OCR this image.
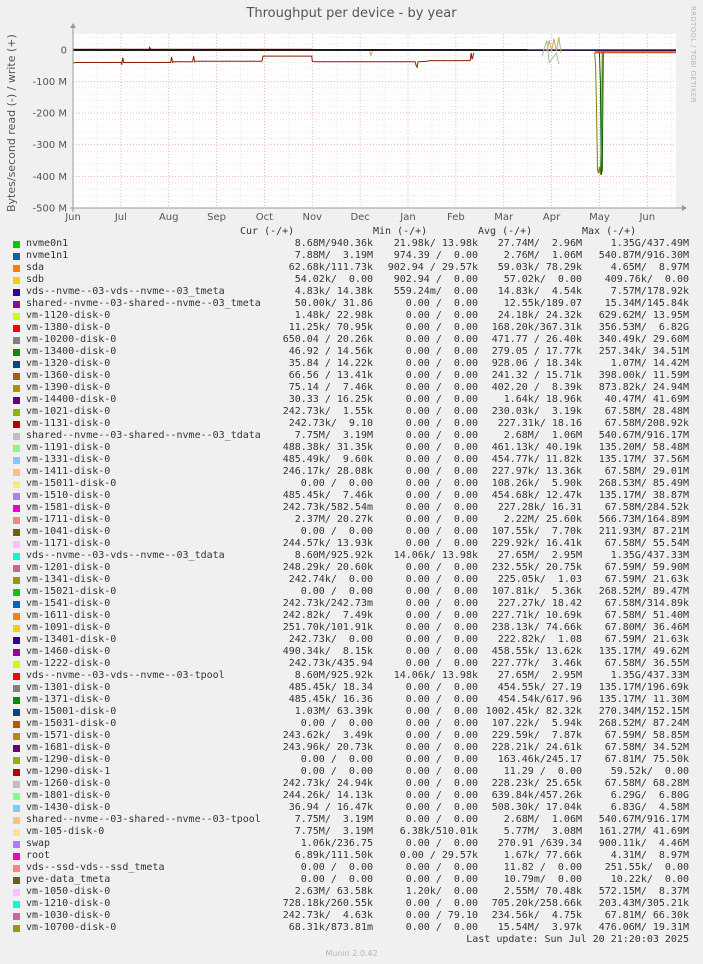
Throughput per device - by year	RRDTOOL / TOBI OETIKER
Bytes/second read (-) / write (+)	0
-100 M
-200 M
-300 M
-400 M
-500 M
Jun	Jul	Aug	Sep	Oct	Nov	Dec	Jan	Feb	Mar	Apr	May	Jun
Cur (-/+)	Min (-/+)	Avg (-/+)	Max (-/+)
nvme0n1	8.68M/940.36k	21.98k/ 13.98k	27.74M/  2.96M	1.35G/437.49M
nvme1n1	7.88M/  3.19M	974.39 /  0.00	2.76M/  1.06M	540.87M/916.30M
sda	62.68k/111.73k	902.94 / 29.57k	59.03k/ 78.29k	4.65M/  8.97M
sdb	54.02k/  0.00	902.94 /  0.00	57.02k/  0.00	409.76k/  0.00
vds--nvme--03-vds--nvme--03_tmeta	4.83k/ 14.38k	559.24m/  0.00	14.83k/  4.54k	7.57M/178.92k
shared--nvme--03-shared--nvme--03_tmeta	50.00k/ 31.86	0.00 /  0.00	12.55k/189.07	15.34M/145.84k
vm-1120-disk-0	1.48k/ 22.98k	0.00 /  0.00	24.18k/ 24.32k	629.62M/ 13.95M
vm-1380-disk-0	11.25k/ 70.95k	0.00 /  0.00	168.20k/367.31k	356.53M/  6.82G
vm-10200-disk-0	650.04 / 20.26k	0.00 /  0.00	471.77 / 26.40k	340.49k/ 29.60M
vm-13400-disk-0	46.92 / 14.56k	0.00 /  0.00	279.05 / 17.77k	257.34k/ 34.51M
vm-1320-disk-0	35.84 / 14.22k	0.00 /  0.00	928.06 / 18.34k	1.07M/ 14.42M
vm-1360-disk-0	66.56 / 13.41k	0.00 /  0.00	241.32 / 15.71k	398.00k/ 11.59M
vm-1390-disk-0	75.14 /  7.46k	0.00 /  0.00	402.20 /  8.39k	873.82k/ 24.94M
vm-14400-disk-0	30.33 / 16.25k	0.00 /  0.00	1.64k/ 18.96k	40.47M/ 41.69M
vm-1021-disk-0	242.73k/  1.55k	0.00 /  0.00	230.03k/  3.19k	67.58M/ 28.48M
vm-1131-disk-0	242.73k/  9.10	0.00 /  0.00	227.31k/ 18.16	67.58M/208.92k
shared--nvme--03-shared--nvme--03_tdata	7.75M/  3.19M	0.00 /  0.00	2.68M/  1.06M	540.67M/916.17M
vm-1191-disk-0	488.38k/ 31.35k	0.00 /  0.00	461.13k/ 40.19k	135.20M/ 58.48M
vm-1331-disk-0	485.49k/  9.60k	0.00 /  0.00	454.77k/ 11.82k	135.17M/ 37.56M
vm-1411-disk-0	246.17k/ 28.08k	0.00 /  0.00	227.97k/ 13.36k	67.58M/ 29.01M
vm-15011-disk-0	0.00 /  0.00	0.00 /  0.00	108.26k/  5.90k	268.53M/ 85.49M
vm-1510-disk-0	485.45k/  7.46k	0.00 /  0.00	454.68k/ 12.47k	135.17M/ 38.87M
vm-1581-disk-0	242.73k/582.54m	0.00 /  0.00	227.28k/ 16.31	67.58M/284.52k
vm-1711-disk-0	2.37M/ 20.27k	0.00 /  0.00	2.22M/ 25.60k	566.73M/164.89M
vm-1041-disk-0	0.00 /  0.00	0.00 /  0.00	107.55k/  7.70k	211.93M/ 87.21M
vm-1171-disk-0	244.57k/ 13.93k	0.00 /  0.00	229.92k/ 16.41k	67.58M/ 55.54M
vds--nvme--03-vds--nvme--03_tdata	8.60M/925.92k	14.06k/ 13.98k	27.65M/  2.95M	1.35G/437.33M
vm-1201-disk-0	248.29k/ 20.60k	0.00 /  0.00	232.55k/ 20.75k	67.59M/ 59.90M
vm-1341-disk-0	242.74k/  0.00	0.00 /  0.00	225.05k/  1.03	67.59M/ 21.63k
vm-15021-disk-0	0.00 /  0.00	0.00 /  0.00	107.81k/  5.36k	268.52M/ 89.47M
vm-1541-disk-0	242.73k/242.73m	0.00 /  0.00	227.27k/ 18.42	67.58M/314.89k
vm-1611-disk-0	242.82k/  7.49k	0.00 /  0.00	227.71k/ 10.69k	67.58M/ 51.40M
vm-1091-disk-0	251.70k/101.91k	0.00 /  0.00	238.13k/ 74.66k	67.80M/ 36.46M
vm-13401-disk-0	242.73k/  0.00	0.00 /  0.00	222.82k/  1.08	67.59M/ 21.63k
vm-1460-disk-0	490.34k/  8.15k	0.00 /  0.00	458.55k/ 13.62k	135.17M/ 49.62M
vm-1222-disk-0	242.73k/435.94	0.00 /  0.00	227.77k/  3.46k	67.58M/ 36.55M
vds--nvme--03-vds--nvme--03-tpool	8.60M/925.92k	14.06k/ 13.98k	27.65M/  2.95M	1.35G/437.33M
vm-1301-disk-0	485.45k/ 18.34	0.00 /  0.00	454.55k/ 27.19	135.17M/196.69k
vm-1371-disk-0	485.45k/ 16.36	0.00 /  0.00	454.54k/617.96	135.17M/ 11.30M
vm-15001-disk-0	1.03M/ 63.39k	0.00 /  0.00 1002.45k/ 82.32k	270.34M/152.15M
vm-15031-disk-0	0.00 /  0.00	0.00 /  0.00	107.22k/  5.94k	268.52M/ 87.24M
vm-1571-disk-0	243.62k/  3.49k	0.00 /  0.00	229.59k/  7.87k	67.59M/ 58.85M
vm-1681-disk-0	243.96k/ 20.73k	0.00 /  0.00	228.21k/ 24.61k	67.58M/ 34.52M
vm-1290-disk-0	0.00 /  0.00	0.00 /  0.00	163.46k/245.17	67.81M/ 75.50k
vm-1290-disk-1	0.00 /  0.00	0.00 /  0.00	11.29 /  0.00	59.52k/  0.00
vm-1260-disk-0	242.73k/ 24.94k	0.00 /  0.00	228.23k/ 25.65k	67.58M/ 68.28M
vm-1801-disk-0	244.26k/ 14.13k	0.00 /  0.00	639.84k/457.26k	6.29G/  6.80G
vm-1430-disk-0	36.94 / 16.47k	0.00 /  0.00	508.30k/ 17.04k	6.83G/  4.58M
shared--nvme--03-shared--nvme--03-tpool	7.75M/  3.19M	0.00 /  0.00	2.68M/  1.06M	540.67M/916.17M
vm-105-disk-0	7.75M/  3.19M	6.38k/510.01k	5.77M/  3.08M	161.27M/ 41.69M
swap	1.06k/236.75	0.00 /  0.00	270.91 /639.34	900.11k/  4.46M
root	6.89k/111.50k	0.00 / 29.57k	1.67k/ 77.66k	4.31M/  8.97M
vds--ssd-vds--ssd_tmeta	0.00 /  0.00	0.00 /  0.00	11.82 /  0.00	251.55k/  0.00
pve-data_tmeta	0.00 /  0.00	0.00 /  0.00	10.79m/  0.00	10.22k/  0.00
vm-1050-disk-0	2.63M/ 63.58k	1.20k/  0.00	2.55M/ 70.48k	572.15M/  8.37M
vm-1210-disk-0	728.18k/260.55k	0.00 /  0.00	705.20k/258.66k	203.43M/305.21k
vm-1030-disk-0	242.73k/  4.63k	0.00 / 79.10	234.56k/  4.75k	67.81M/ 66.30k
vm-10700-disk-0	68.31k/873.81m	0.00 /  0.00	15.54M/  3.97k	476.06M/ 19.31M
Last update: Sun Jul 20 21:20:03 2025
Munin 2.0.42
